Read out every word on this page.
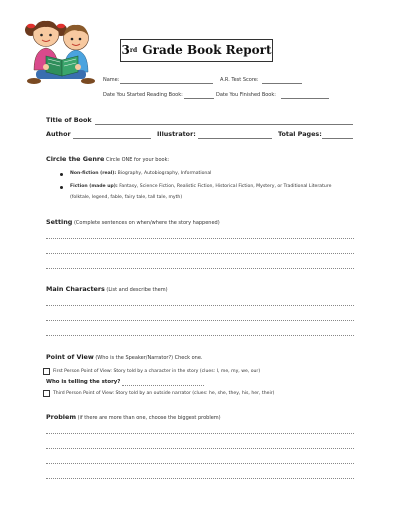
3 rd
Grade Book Report
Name:	A.R. Test Score:
Date You Started Reading Book:	Date You Finished Book:
Title of Book
Author	Illustrator:	Total Pages:
Circle the Genre Circle ONE for your book:
Non-fiction (real): Biography, Autobiography, Informational
Fiction (made up): Fantasy, Science Fiction, Realistic Fiction, Historical Fiction, Mystery, or Traditional Literature
(folktale, legend, fable, fairy tale, tall tale, myth)
Setting (Complete sentences on when/where the story happened)
Main Characters (List and describe them)
Point of View (Who is the Speaker/Narrator?) Check one.
First Person Point of View: Story told by a character in the story (clues: I, me, my, we, our)
Who is telling the story?
Third Person Point of View: Story told by an outside narrator (clues: he, she, they, his, her, their)
Problem (if there are more than one, choose the biggest problem)
